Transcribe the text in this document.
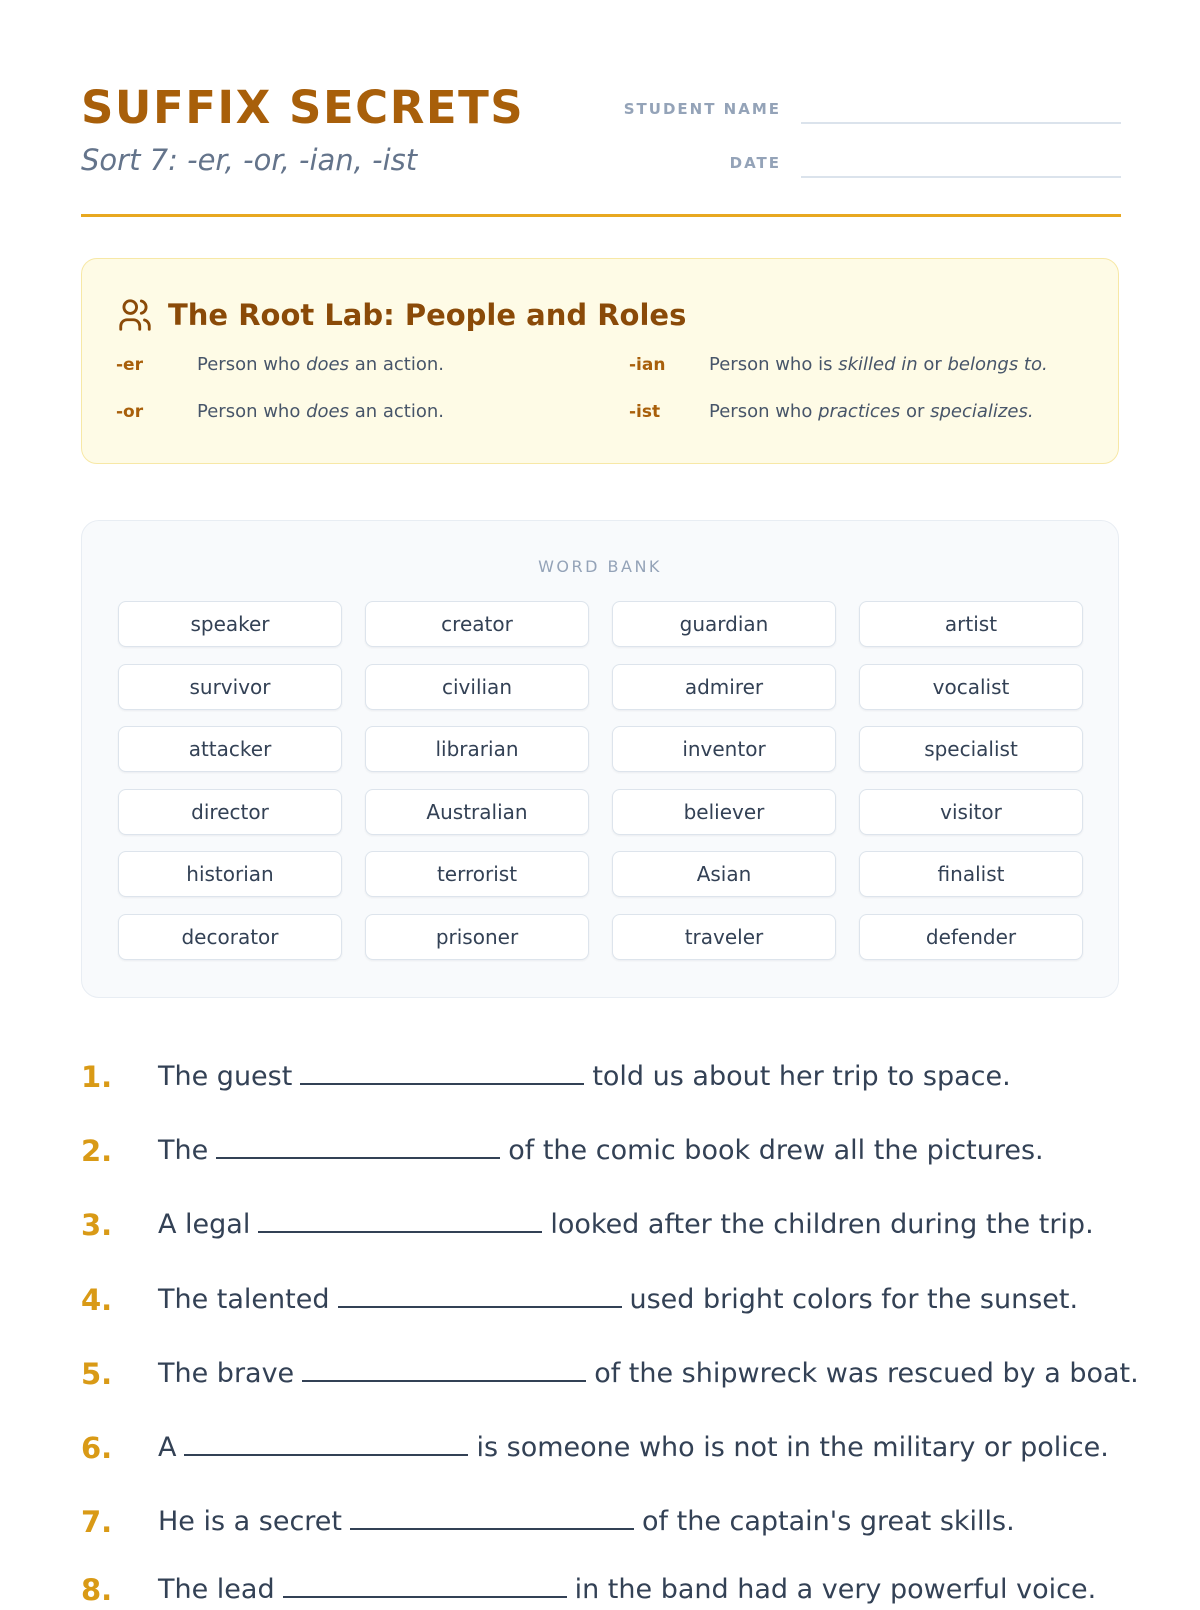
SUFFIX SECRETS
Sort 7: -er, -or, -ian, -ist
STUDENT NAME
DATE
The Root Lab: People and Roles
-er	Person who does an action.
-or	Person who does an action.
-ian Person who is skilled in or belongs to.
-ist	Person who practices or specializes.
WORD BANK
speaker	creator	guardian	artist
survivor	civilian	admirer	vocalist
attacker	librarian	inventor	specialist
director	Australian	believer	visitor
historian	terrorist	Asian	finalist
decorator	prisoner	traveler	defender
1. The guest	told us about her trip to space.
2. The	of the comic book drew all the pictures.
3. A legal	looked after the children during the trip.
4. The talented	used bright colors for the sunset.
5. The brave	of the shipwreck was rescued by a boat.
6. A	is someone who is not in the military or police.
7. He is a secret	of the captain's great skills.
8. The lead	in the band had a very powerful voice.
